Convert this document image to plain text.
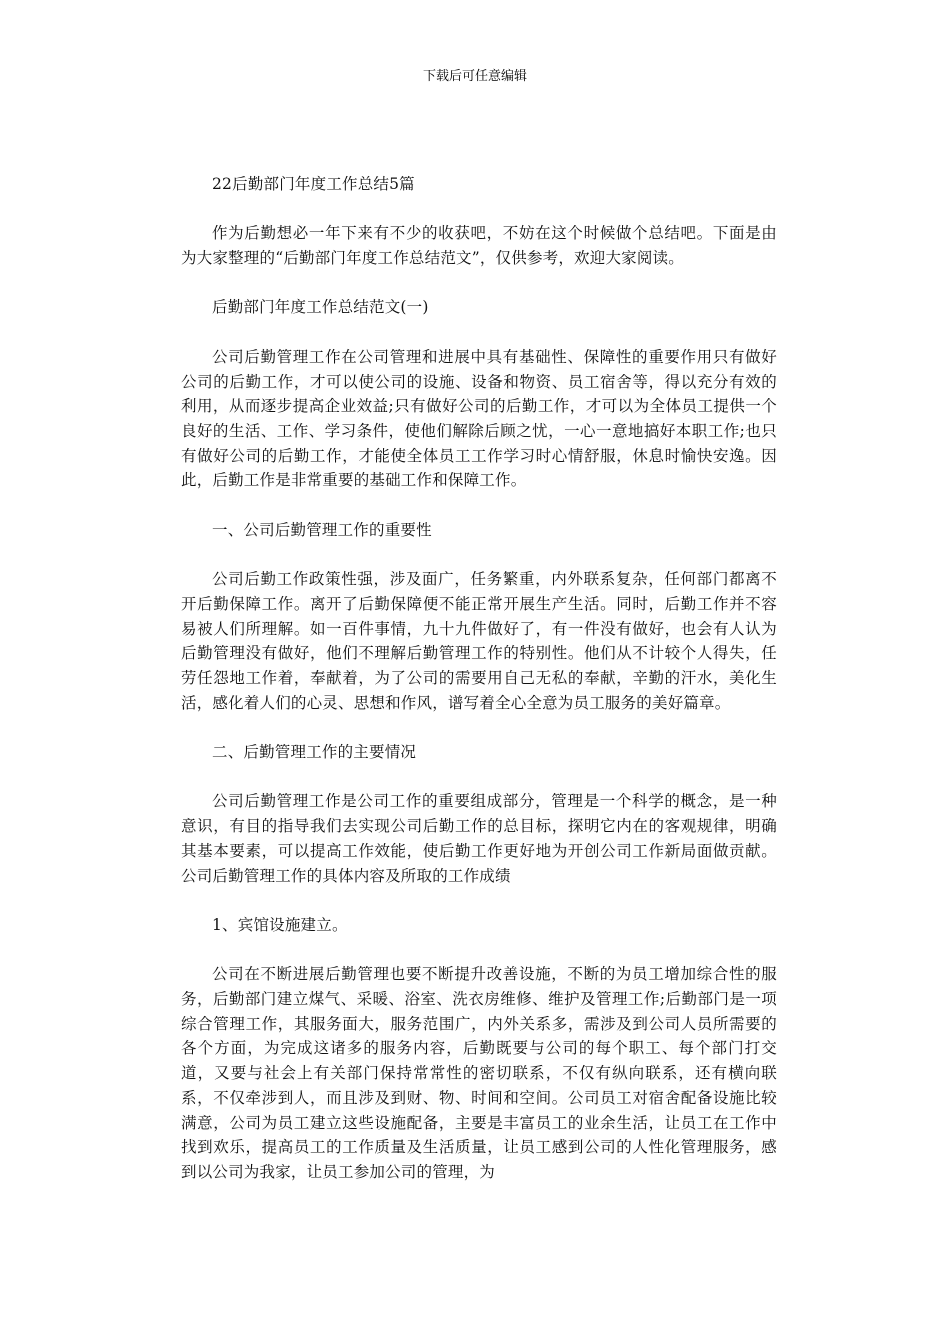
下载后可任意编辑

22后勤部门年度工作总结5篇

作为后勤想必一年下来有不少的收获吧，不妨在这个时候做个总结吧。下面是由为大家整理的“后勤部门年度工作总结范文”，仅供参考，欢迎大家阅读。

后勤部门年度工作总结范文(一)

公司后勤管理工作在公司管理和进展中具有基础性、保障性的重要作用只有做好公司的后勤工作，才可以使公司的设施、设备和物资、员工宿舍等，得以充分有效的利用，从而逐步提高企业效益;只有做好公司的后勤工作，才可以为全体员工提供一个良好的生活、工作、学习条件，使他们解除后顾之忧，一心一意地搞好本职工作;也只有做好公司的后勤工作，才能使全体员工工作学习时心情舒服，休息时愉快安逸。因此，后勤工作是非常重要的基础工作和保障工作。

一、公司后勤管理工作的重要性

公司后勤工作政策性强，涉及面广，任务繁重，内外联系复杂，任何部门都离不开后勤保障工作。离开了后勤保障便不能正常开展生产生活。同时，后勤工作并不容易被人们所理解。如一百件事情，九十九件做好了，有一件没有做好，也会有人认为后勤管理没有做好，他们不理解后勤管理工作的特别性。他们从不计较个人得失，任劳任怨地工作着，奉献着，为了公司的需要用自己无私的奉献，辛勤的汗水，美化生活，感化着人们的心灵、思想和作风，谱写着全心全意为员工服务的美好篇章。

二、后勤管理工作的主要情况

公司后勤管理工作是公司工作的重要组成部分，管理是一个科学的概念，是一种意识，有目的指导我们去实现公司后勤工作的总目标，探明它内在的客观规律，明确其基本要素，可以提高工作效能，使后勤工作更好地为开创公司工作新局面做贡献。公司后勤管理工作的具体内容及所取的工作成绩

1、宾馆设施建立。

公司在不断进展后勤管理也要不断提升改善设施，不断的为员工增加综合性的服务，后勤部门建立煤气、采暖、浴室、洗衣房维修、维护及管理工作;后勤部门是一项综合管理工作，其服务面大，服务范围广，内外关系多，需涉及到公司人员所需要的各个方面，为完成这诸多的服务内容，后勤既要与公司的每个职工、每个部门打交道，又要与社会上有关部门保持常常性的密切联系，不仅有纵向联系，还有横向联系，不仅牵涉到人，而且涉及到财、物、时间和空间。公司员工对宿舍配备设施比较满意，公司为员工建立这些设施配备，主要是丰富员工的业余生活，让员工在工作中找到欢乐，提高员工的工作质量及生活质量，让员工感到公司的人性化管理服务，感到以公司为我家，让员工参加公司的管理，为
